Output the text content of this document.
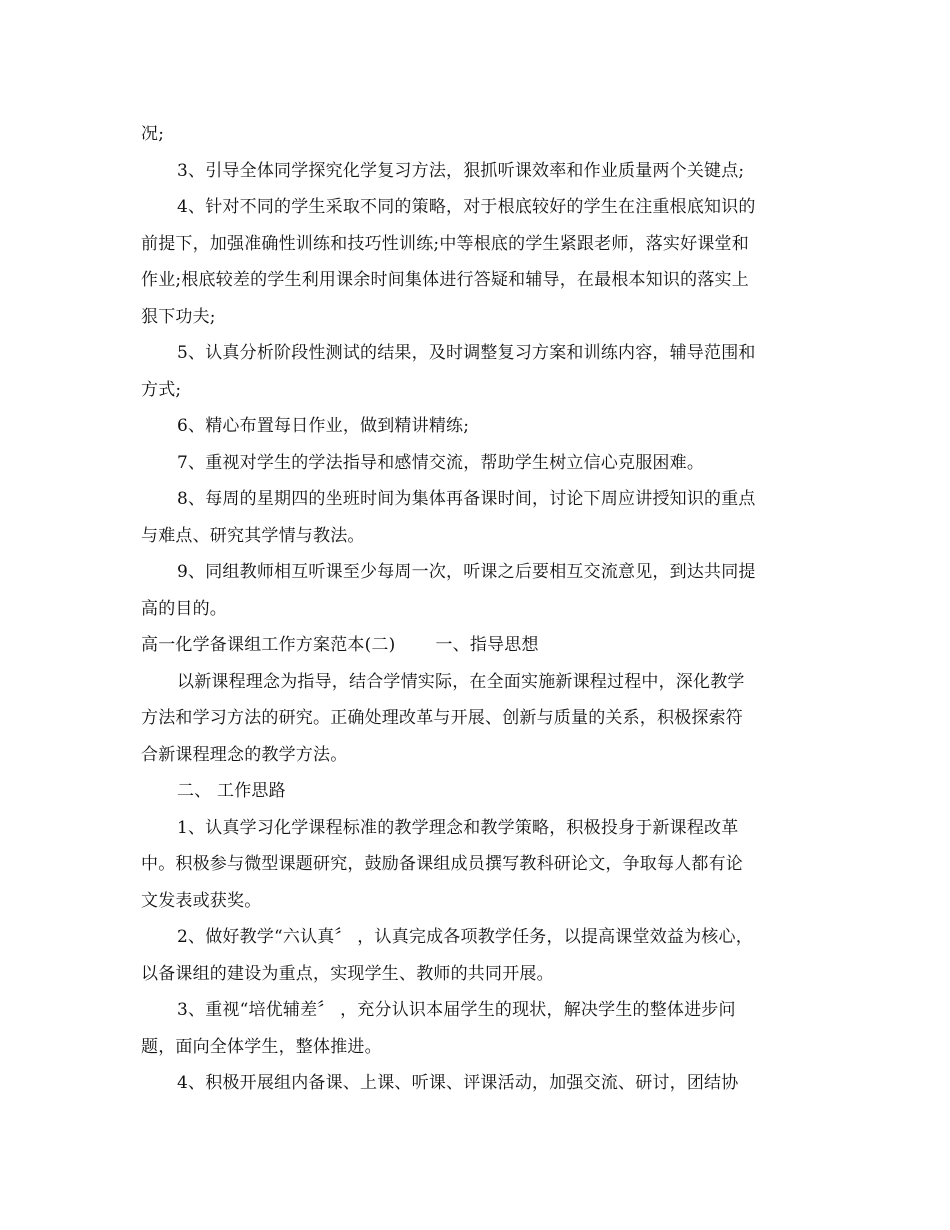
况;
3、引导全体同学探究化学复习方法，狠抓听课效率和作业质量两个关键点;
4、针对不同的学生采取不同的策略，对于根底较好的学生在注重根底知识的
前提下，加强准确性训练和技巧性训练;中等根底的学生紧跟老师，落实好课堂和
作业;根底较差的学生利用课余时间集体进行答疑和辅导，在最根本知识的落实上
狠下功夫;
5、认真分析阶段性测试的结果，及时调整复习方案和训练内容，辅导范围和
方式;
6、精心布置每日作业，做到精讲精练;
7、重视对学生的学法指导和感情交流，帮助学生树立信心克服困难。
8、每周的星期四的坐班时间为集体再备课时间，讨论下周应讲授知识的重点
与难点、研究其学情与教法。
9、同组教师相互听课至少每周一次，听课之后要相互交流意见，到达共同提
高的目的。
高一化学备课组工作方案范本(二) 一、指导思想
以新课程理念为指导，结合学情实际，在全面实施新课程过程中，深化教学
方法和学习方法的研究。正确处理改革与开展、创新与质量的关系，积极探索符
合新课程理念的教学方法。
二、 工作思路
1、认真学习化学课程标准的教学理念和教学策略，积极投身于新课程改革
中。积极参与微型课题研究，鼓励备课组成员撰写教科研论文，争取每人都有论
文发表或获奖。
2、做好教学“六认真〞 ，认真完成各项教学任务，以提高课堂效益为核心，
以备课组的建设为重点，实现学生、教师的共同开展。
3、重视“培优辅差〞 ，充分认识本届学生的现状，解决学生的整体进步问
题，面向全体学生，整体推进。
4、积极开展组内备课、上课、听课、评课活动，加强交流、研讨，团结协
